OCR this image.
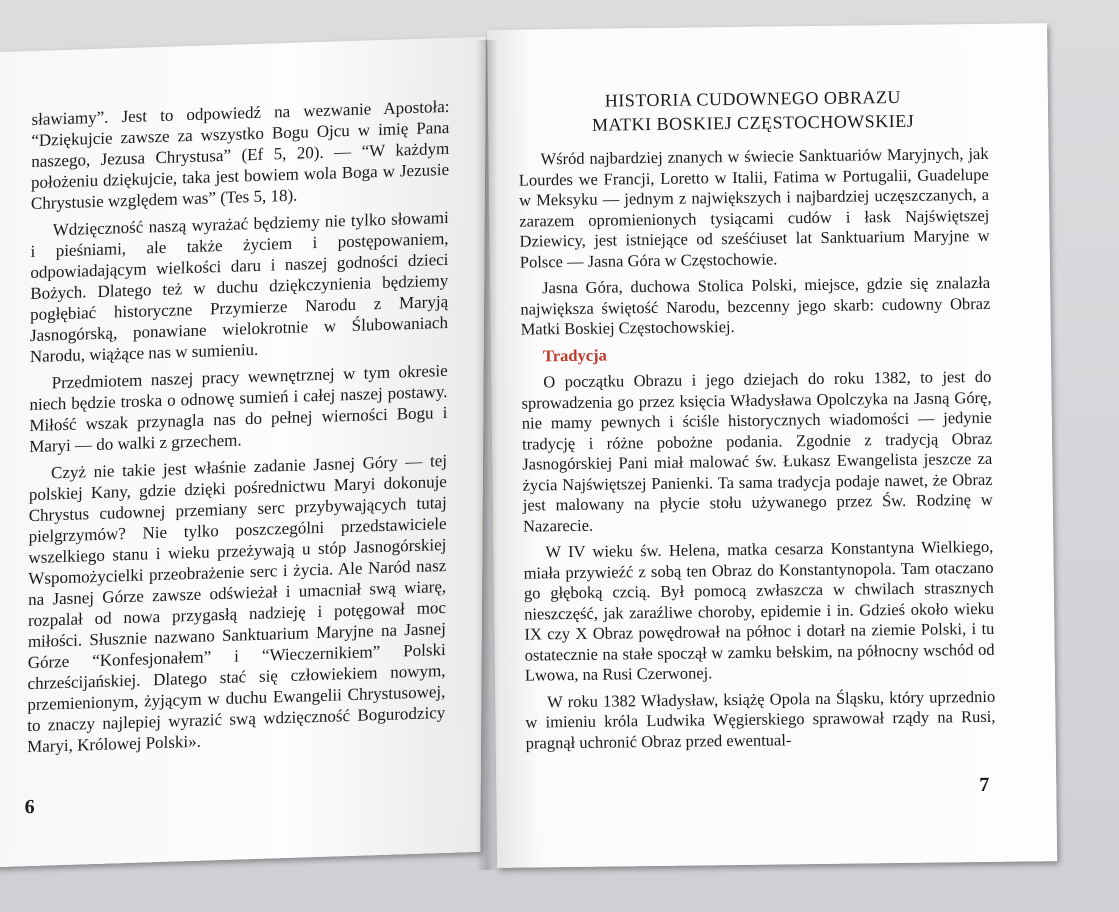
sławiamy”. Jest to odpowiedź na wezwanie Apostoła: “Dziękujcie zawsze za wszystko Bogu Ojcu w imię Pana naszego, Jezusa Chrystusa” (Ef 5, 20). — “W każdym położeniu dziękujcie, taka jest bowiem wola Boga w Jezusie Chrystusie względem was” (Tes 5, 18).

Wdzięczność naszą wyrażać będziemy nie tylko słowami i pieśniami, ale także życiem i postępowaniem, odpowiadającym wielkości daru i naszej godności dzieci Bożych. Dlatego też w duchu dziękczynienia będziemy pogłębiać historyczne Przymierze Narodu z Maryją Jasnogórską, ponawiane wielokrotnie w Ślubowaniach Narodu, wiążące nas w sumieniu.

Przedmiotem naszej pracy wewnętrznej w tym okresie niech będzie troska o odnowę sumień i całej naszej postawy. Miłość wszak przynagla nas do pełnej wierności Bogu i Maryi — do walki z grzechem.

Czyż nie takie jest właśnie zadanie Jasnej Góry — tej polskiej Kany, gdzie dzięki pośrednictwu Maryi dokonuje Chrystus cudownej przemiany serc przybywających tutaj pielgrzymów? Nie tylko poszczególni przedstawiciele wszelkiego stanu i wieku przeżywają u stóp Jasnogórskiej Wspomożycielki przeobrażenie serc i życia. Ale Naród nasz na Jasnej Górze zawsze odświeżał i umacniał swą wiarę, rozpalał od nowa przygasłą nadzieję i potęgował moc miłości. Słusznie nazwano Sanktuarium Maryjne na Jasnej Górze “Konfesjonałem” i “Wieczernikiem” Polski chrześcijańskiej. Dlatego stać się człowiekiem nowym, przemienionym, żyjącym w duchu Ewangelii Chrystusowej, to znaczy najlepiej wyrazić swą wdzięczność Bogurodzicy Maryi, Królowej Polski».

6
HISTORIA CUDOWNEGO OBRAZU
MATKI BOSKIEJ CZĘSTOCHOWSKIEJ

Wśród najbardziej znanych w świecie Sanktuariów Maryjnych, jak Lourdes we Francji, Loretto w Italii, Fatima w Portugalii, Guadelupe w Meksyku — jednym z największych i najbardziej uczęszczanych, a zarazem opromienionych tysiącami cudów i łask Najświętszej Dziewicy, jest istniejące od sześćiuset lat Sanktuarium Maryjne w Polsce — Jasna Góra w Częstochowie.

Jasna Góra, duchowa Stolica Polski, miejsce, gdzie się znalazła największa świętość Narodu, bezcenny jego skarb: cudowny Obraz Matki Boskiej Częstochowskiej.

Tradycja

O początku Obrazu i jego dziejach do roku 1382, to jest do sprowadzenia go przez księcia Władysława Opolczyka na Jasną Górę, nie mamy pewnych i ściśle historycznych wiadomości — jedynie tradycję i różne pobożne podania. Zgodnie z tradycją Obraz Jasnogórskiej Pani miał malować św. Łukasz Ewangelista jeszcze za życia Najświętszej Panienki. Ta sama tradycja podaje nawet, że Obraz jest malowany na płycie stołu używanego przez Św. Rodzinę w Nazarecie.

W IV wieku św. Helena, matka cesarza Konstantyna Wielkiego, miała przywieźć z sobą ten Obraz do Konstantynopola. Tam otaczano go głęboką czcią. Był pomocą zwłaszcza w chwilach strasznych nieszczęść, jak zaraźliwe choroby, epidemie i in. Gdzieś około wieku IX czy X Obraz powędrował na północ i dotarł na ziemie Polski, i tu ostatecznie na stałe spoczął w zamku bełskim, na północny wschód od Lwowa, na Rusi Czerwonej.

W roku 1382 Władysław, książę Opola na Śląsku, który uprzednio w imieniu króla Ludwika Węgierskiego sprawował rządy na Rusi, pragnął uchronić Obraz przed ewentual-

7
